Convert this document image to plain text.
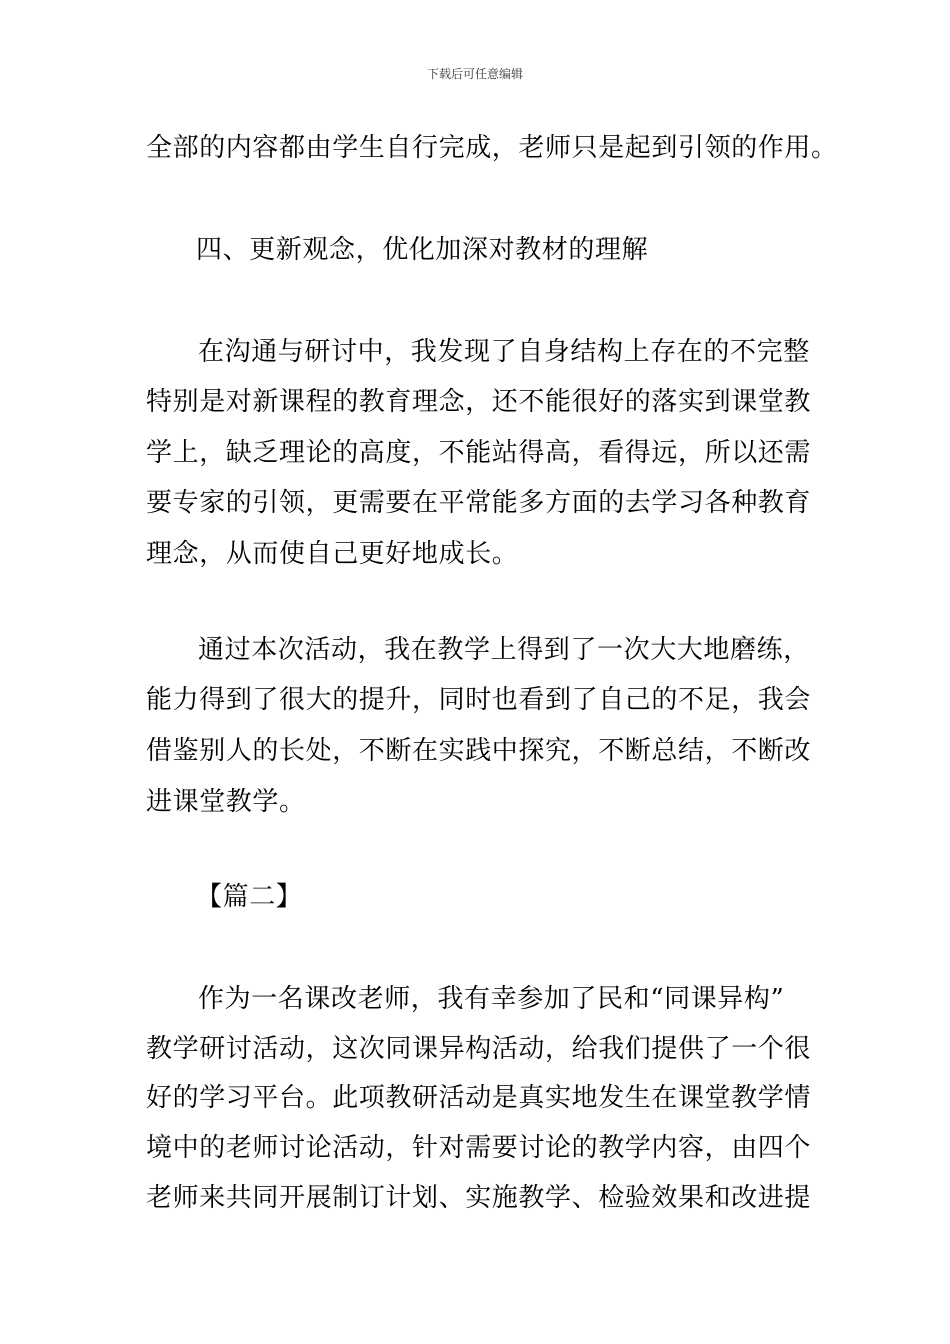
下载后可任意编辑
全部的内容都由学生自行完成，老师只是起到引领的作用。
四、更新观念，优化加深对教材的理解
在沟通与研讨中，我发现了自身结构上存在的不完整
特别是对新课程的教育理念，还不能很好的落实到课堂教
学上，缺乏理论的高度，不能站得高，看得远，所以还需
要专家的引领，更需要在平常能多方面的去学习各种教育
理念，从而使自己更好地成长。
通过本次活动，我在教学上得到了一次大大地磨练，
能力得到了很大的提升，同时也看到了自己的不足，我会
借鉴别人的长处，不断在实践中探究，不断总结，不断改
进课堂教学。
【篇二】
作为一名课改老师，我有幸参加了民和“同课异构”
教学研讨活动，这次同课异构活动，给我们提供了一个很
好的学习平台。此项教研活动是真实地发生在课堂教学情
境中的老师讨论活动，针对需要讨论的教学内容，由四个
老师来共同开展制订计划、实施教学、检验效果和改进提
